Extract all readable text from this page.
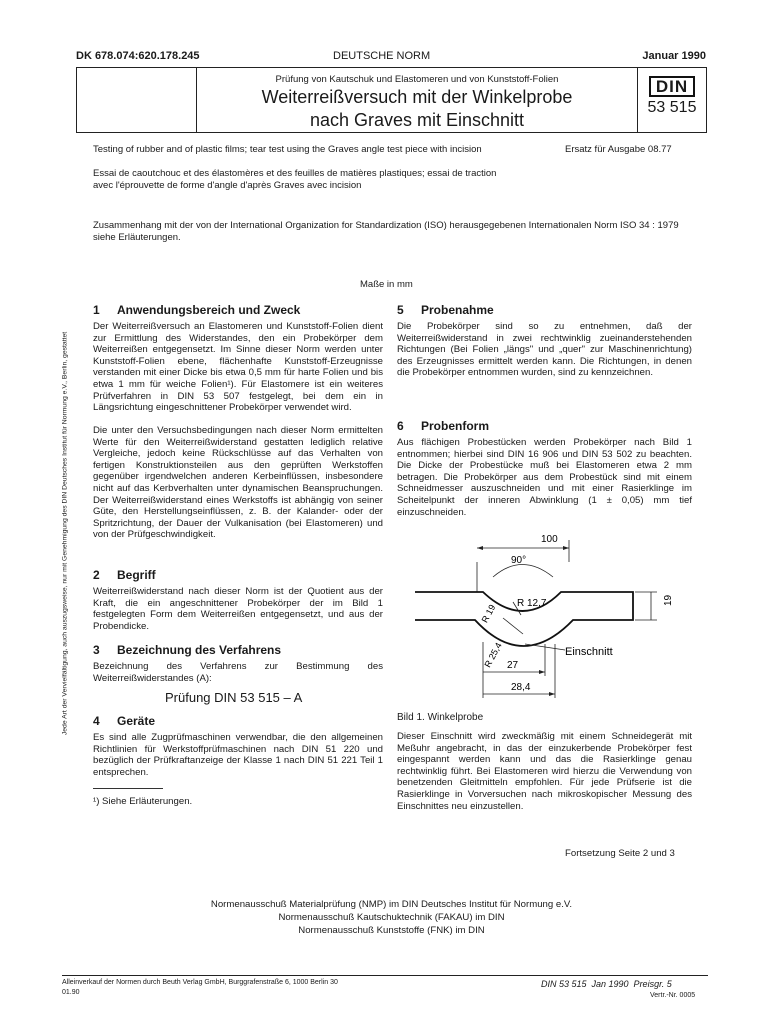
DK 678.074:620.178.245	DEUTSCHE NORM	Januar 1990
Prüfung von Kautschuk und Elastomeren und von Kunststoff-Folien
Weiterreißversuch mit der Winkelprobe
nach Graves mit Einschnitt
DIN
53 515
Testing of rubber and of plastic films; tear test using the Graves angle test piece with incision
Essai de caoutchouc et des élastomères et des feuilles de matières plastiques; essai de traction avec l'éprouvette de forme d'angle d'après Graves avec incision
Ersatz für Ausgabe 08.77
Zusammenhang mit der von der International Organization for Standardization (ISO) herausgegebenen Internationalen Norm ISO 34 : 1979 siehe Erläuterungen.
Maße in mm
Jede Art der Vervielfältigung, auch auszugsweise, nur mit Genehmigung des DIN Deutsches Institut für Normung e.V., Berlin, gestattet
1 Anwendungsbereich und Zweck
Der Weiterreißversuch an Elastomeren und Kunststoff-Folien dient zur Ermittlung des Widerstandes, den ein Probekörper dem Weiterreißen entgegensetzt. Im Sinne dieser Norm werden unter Kunststoff-Folien ebene, flächenhafte Kunststoff-Erzeugnisse verstanden mit einer Dicke bis etwa 0,5 mm für harte Folien und bis etwa 1 mm für weiche Folien¹). Für Elastomere ist ein weiteres Prüfverfahren in DIN 53 507 festgelegt, bei dem ein in Längsrichtung eingeschnittener Probekörper verwendet wird.
Die unter den Versuchsbedingungen nach dieser Norm ermittelten Werte für den Weiterreißwiderstand gestatten lediglich relative Vergleiche, jedoch keine Rückschlüsse auf das Verhalten von fertigen Konstruktionsteilen aus den geprüften Werkstoffen gegenüber irgendwelchen anderen Kerbeinflüssen, insbesondere nicht auf das Kerbverhalten unter dynamischen Beanspruchungen. Der Weiterreißwiderstand eines Werkstoffs ist abhängig von seiner Güte, den Herstellungseinflüssen, z. B. der Kalander- oder der Spritzrichtung, der Dauer der Vulkanisation (bei Elastomeren) und von der Prüfgeschwindigkeit.
2 Begriff
Weiterreißwiderstand nach dieser Norm ist der Quotient aus der Kraft, die ein angeschnittener Probekörper der im Bild 1 festgelegten Form dem Weiterreißen entgegensetzt, und aus der Probendicke.
3 Bezeichnung des Verfahrens
Bezeichnung des Verfahrens zur Bestimmung des Weiterreißwiderstandes (A):
Prüfung DIN 53 515 – A
4 Geräte
Es sind alle Zugprüfmaschinen verwendbar, die den allgemeinen Richtlinien für Werkstoffprüfmaschinen nach DIN 51 220 und bezüglich der Prüfkraftanzeige der Klasse 1 nach DIN 51 221 Teil 1 entsprechen.
¹) Siehe Erläuterungen.
5 Probenahme
Die Probekörper sind so zu entnehmen, daß der Weiterreißwiderstand in zwei rechtwinklig zueinanderstehenden Richtungen (Bei Folien „längs" und „quer" zur Maschinenrichtung) des Erzeugnisses ermittelt werden kann. Die Richtungen, in denen die Probekörper entnommen wurden, sind zu kennzeichnen.
6 Probenform
Aus flächigen Probestücken werden Probekörper nach Bild 1 entnommen; hierbei sind DIN 16 906 und DIN 53 502 zu beachten. Die Dicke der Probestücke muß bei Elastomeren etwa 2 mm betragen. Die Probekörper aus dem Probestück sind mit einem Schneidmesser auszuschneiden und mit einer Rasierklinge im Scheitelpunkt der inneren Abwinklung (1 ± 0,05) mm tief einzuschneiden.
100
90°
19
R 12,7
R 19
R 25,4	Einschnitt
27
28,4
Bild 1. Winkelprobe
Dieser Einschnitt wird zweckmäßig mit einem Schneidegerät mit Meßuhr angebracht, in das der einzukerbende Probekörper fest eingespannt werden kann und das die Rasierklinge genau rechtwinklig führt. Bei Elastomeren wird hierzu die Verwendung von benetzenden Gleitmitteln empfohlen. Für jede Prüfserie ist die Rasierklinge in Vorversuchen nach mikroskopischer Messung des Einschnittes neu einzustellen.
Fortsetzung Seite 2 und 3
Normenausschuß Materialprüfung (NMP) im DIN Deutsches Institut für Normung e.V.
Normenausschuß Kautschuktechnik (FAKAU) im DIN
Normenausschuß Kunststoffe (FNK) im DIN
Alleinverkauf der Normen durch Beuth Verlag GmbH, Burggrafenstraße 6, 1000 Berlin 30
01.90
DIN 53 515  Jan 1990  Preisgr. 5
Vertr.-Nr. 0005
